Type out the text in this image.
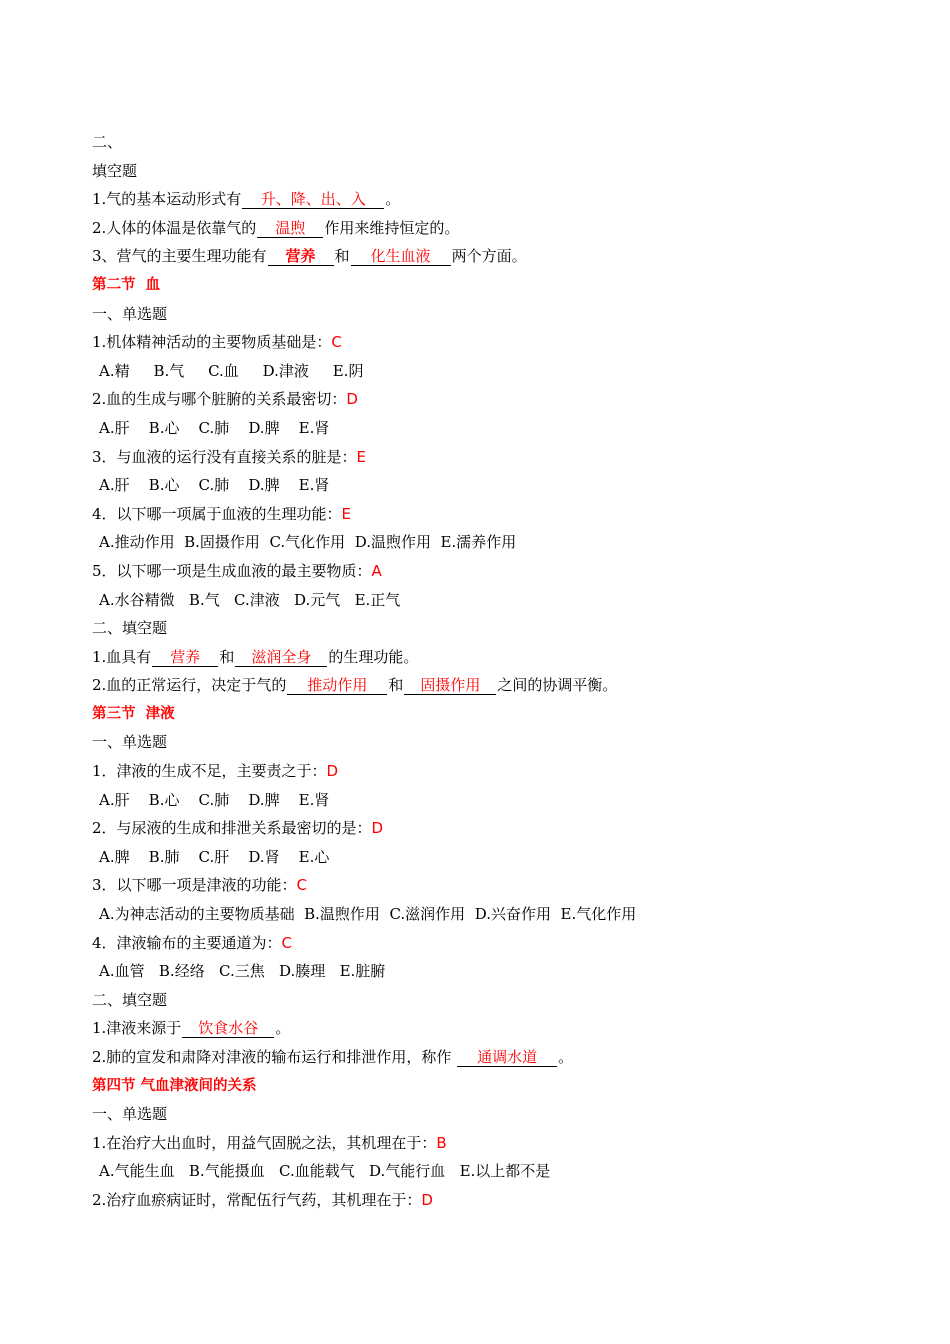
二、
填空题
1.气的基本运动形式有 升、降、出、入 。
2.人体的体温是依靠气的 温煦 作用来维持恒定的。
3、营气的主要生理功能有 营养 和 化生血液 两个方面。
第二节  血
一、单选题
1.机体精神活动的主要物质基础是：C
A.精     B.气     C.血     D.津液     E.阴
2.血的生成与哪个脏腑的关系最密切：D
A.肝    B.心    C.肺    D.脾    E.肾
3．与血液的运行没有直接关系的脏是：E
A.肝    B.心    C.肺    D.脾    E.肾
4．以下哪一项属于血液的生理功能：E
A.推动作用  B.固摄作用  C.气化作用  D.温煦作用  E.濡养作用
5．以下哪一项是生成血液的最主要物质：A
A.水谷精微   B.气   C.津液   D.元气   E.正气
二、填空题
1.血具有 营养 和 滋润全身 的生理功能。
2.血的正常运行，决定于气的 推动作用 和 固摄作用 之间的协调平衡。
第三节  津液
一、单选题
1．津液的生成不足，主要责之于：D
A.肝    B.心    C.肺    D.脾    E.肾
2．与尿液的生成和排泄关系最密切的是：D
A.脾    B.肺    C.肝    D.肾    E.心
3．以下哪一项是津液的功能：C
A.为神志活动的主要物质基础  B.温煦作用  C.滋润作用  D.兴奋作用  E.气化作用
4．津液输布的主要通道为：C
A.血管   B.经络   C.三焦   D.腠理   E.脏腑
二、填空题
1.津液来源于 饮食水谷 。
2.肺的宣发和肃降对津液的输布运行和排泄作用，称作 通调水道 。
第四节 气血津液间的关系
一、单选题
1.在治疗大出血时，用益气固脱之法，其机理在于：B
A.气能生血   B.气能摄血   C.血能载气   D.气能行血   E.以上都不是
2.治疗血瘀病证时，常配伍行气药，其机理在于：D
